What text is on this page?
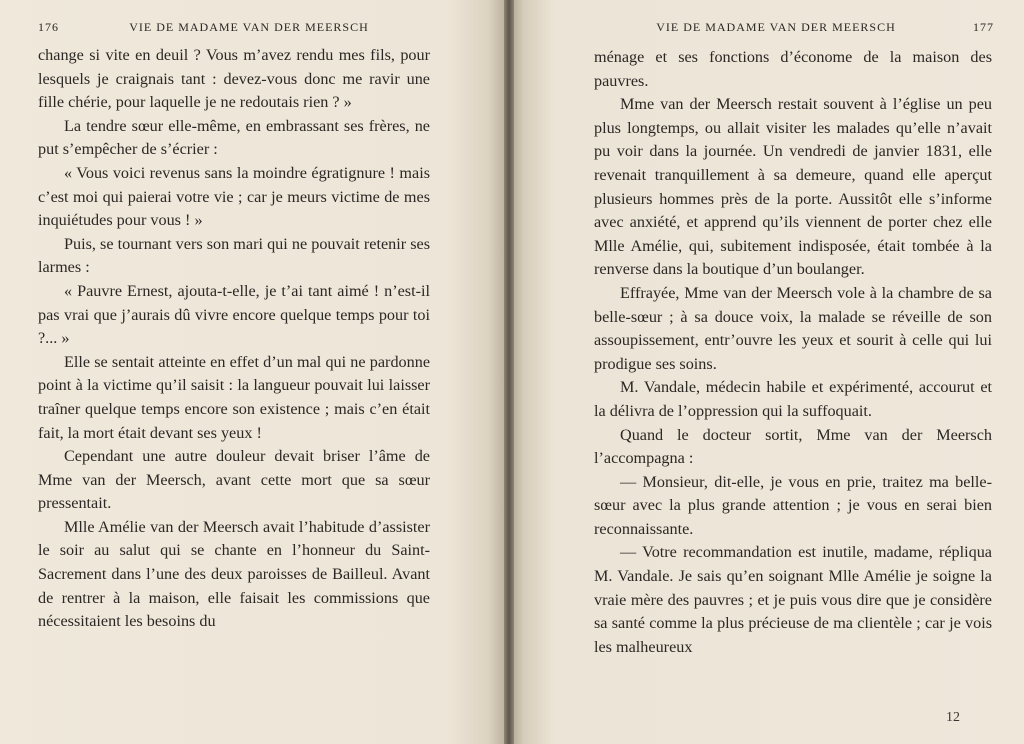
176	VIE DE MADAME VAN DER MEERSCH

change si vite en deuil ? Vous m’avez rendu mes fils, pour lesquels je craignais tant : devez-vous donc me ravir une fille chérie, pour laquelle je ne redoutais rien ? »

La tendre sœur elle-même, en embrassant ses frères, ne put s’empêcher de s’écrier :

« Vous voici revenus sans la moindre égratignure ! mais c’est moi qui paierai votre vie ; car je meurs victime de mes inquiétudes pour vous ! »

Puis, se tournant vers son mari qui ne pouvait retenir ses larmes :

« Pauvre Ernest, ajouta-t-elle, je t’ai tant aimé ! n’est-il pas vrai que j’aurais dû vivre encore quelque temps pour toi ?... »

Elle se sentait atteinte en effet d’un mal qui ne pardonne point à la victime qu’il saisit : la langueur pouvait lui laisser traîner quelque temps encore son existence ; mais c’en était fait, la mort était devant ses yeux !

Cependant une autre douleur devait briser l’âme de Mme van der Meersch, avant cette mort que sa sœur pressentait.

Mlle Amélie van der Meersch avait l’habitude d’assister le soir au salut qui se chante en l’honneur du Saint-Sacrement dans l’une des deux paroisses de Bailleul. Avant de rentrer à la maison, elle faisait les commissions que nécessitaient les besoins du

VIE DE MADAME VAN DER MEERSCH	177

ménage et ses fonctions d’économe de la maison des pauvres.

Mme van der Meersch restait souvent à l’église un peu plus longtemps, ou allait visiter les malades qu’elle n’avait pu voir dans la journée. Un vendredi de janvier 1831, elle revenait tranquillement à sa demeure, quand elle aperçut plusieurs hommes près de la porte. Aussitôt elle s’informe avec anxiété, et apprend qu’ils viennent de porter chez elle Mlle Amélie, qui, subitement indisposée, était tombée à la renverse dans la boutique d’un boulanger.

Effrayée, Mme van der Meersch vole à la chambre de sa belle-sœur ; à sa douce voix, la malade se réveille de son assoupissement, entr’ouvre les yeux et sourit à celle qui lui prodigue ses soins.

M. Vandale, médecin habile et expérimenté, accourut et la délivra de l’oppression qui la suffoquait.

Quand le docteur sortit, Mme van der Meersch l’accompagna :

— Monsieur, dit-elle, je vous en prie, traitez ma belle-sœur avec la plus grande attention ; je vous en serai bien reconnaissante.

— Votre recommandation est inutile, madame, répliqua M. Vandale. Je sais qu’en soignant Mlle Amélie je soigne la vraie mère des pauvres ; et je puis vous dire que je considère sa santé comme la plus précieuse de ma clientèle ; car je vois les malheureux

12
